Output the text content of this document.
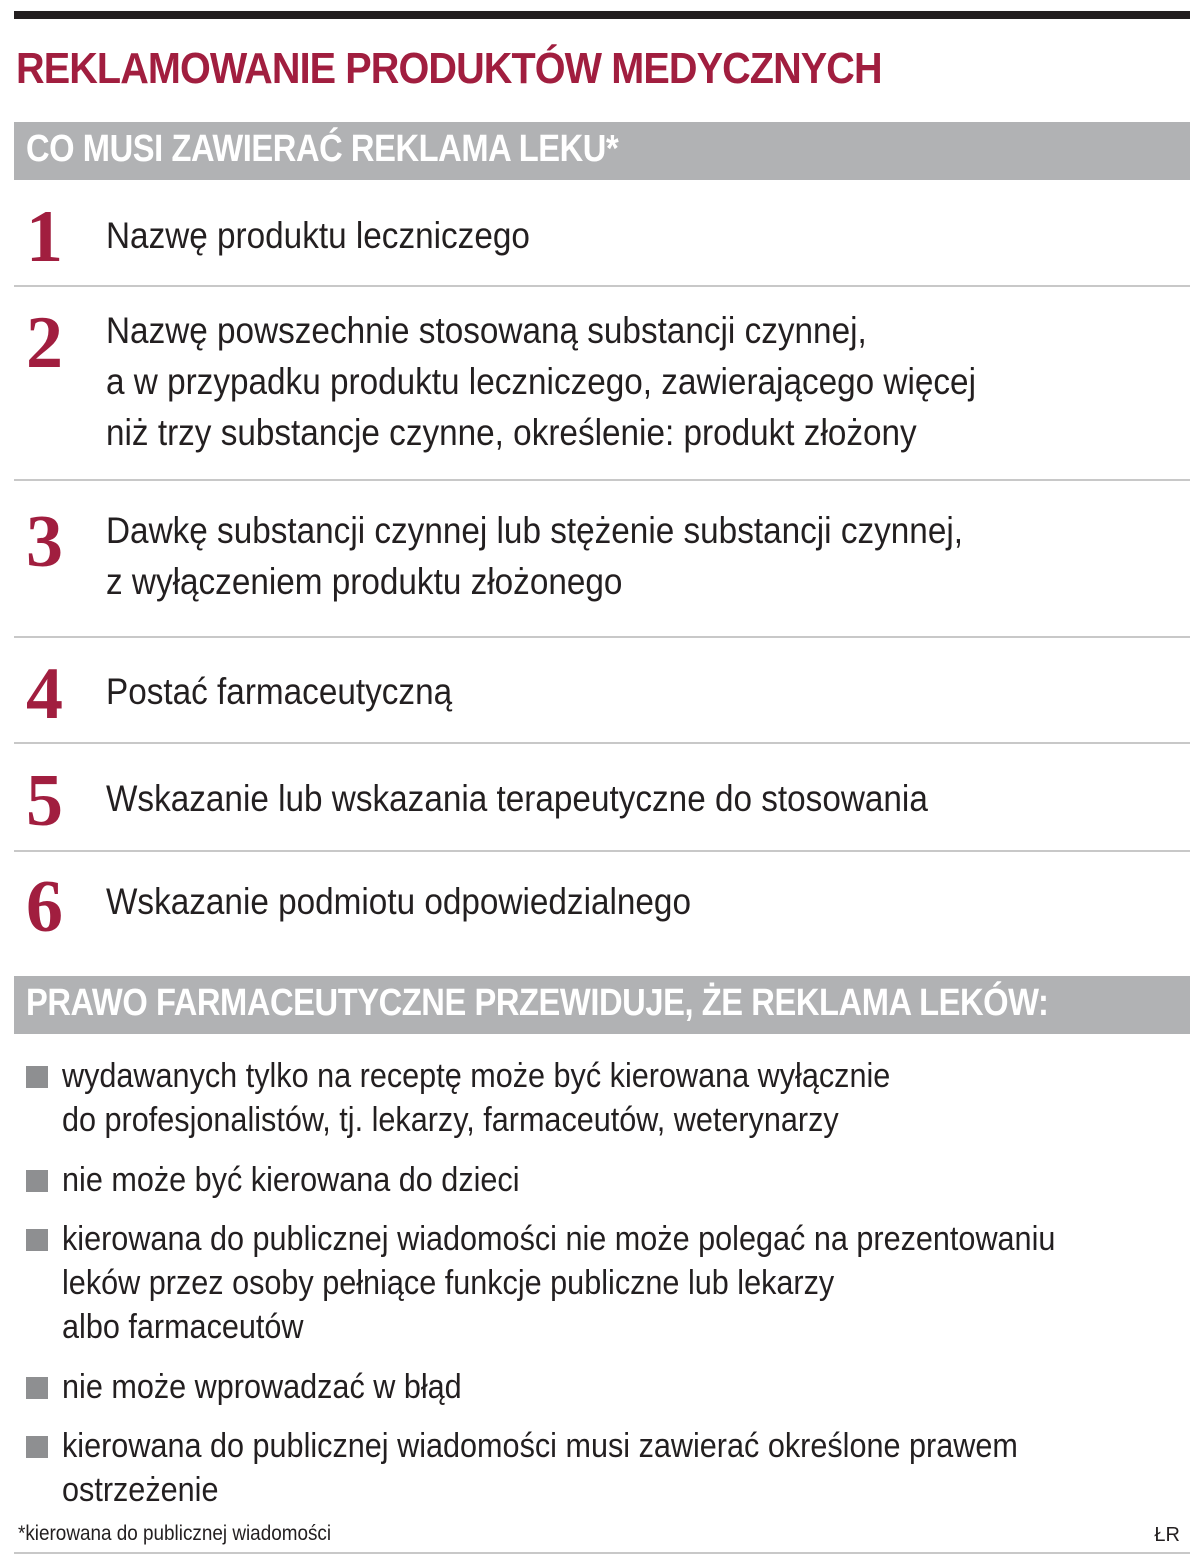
REKLAMOWANIE PRODUKTÓW MEDYCZNYCH
CO MUSI ZAWIERAĆ REKLAMA LEKU*
1	Nazwę produktu leczniczego
2	Nazwę powszechnie stosowaną substancji czynnej,
a w przypadku produktu leczniczego, zawierającego więcej
niż trzy substancje czynne, określenie: produkt złożony
3	Dawkę substancji czynnej lub stężenie substancji czynnej,
z wyłączeniem produktu złożonego
4	Postać farmaceutyczną
5	Wskazanie lub wskazania terapeutyczne do stosowania
6	Wskazanie podmiotu odpowiedzialnego
PRAWO FARMACEUTYCZNE PRZEWIDUJE, ŻE REKLAMA LEKÓW:
wydawanych tylko na receptę może być kierowana wyłącznie
do profesjonalistów, tj. lekarzy, farmaceutów, weterynarzy
nie może być kierowana do dzieci
kierowana do publicznej wiadomości nie może polegać na prezentowaniu
leków przez osoby pełniące funkcje publiczne lub lekarzy
albo farmaceutów
nie może wprowadzać w błąd
kierowana do publicznej wiadomości musi zawierać określone prawem
ostrzeżenie
*kierowana do publicznej wiadomości	ŁR
